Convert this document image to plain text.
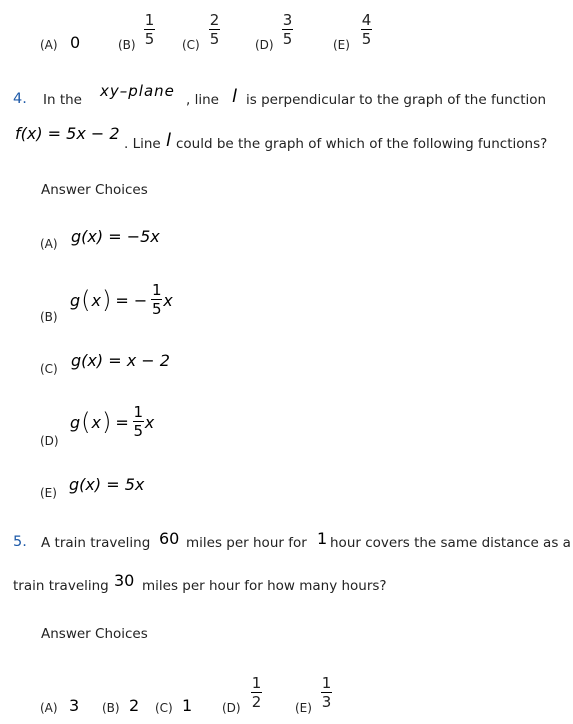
(A) 0	(B)
1
5 (C)
2
5	(D)
3
5	(E)
4
5
4. In the xy–plane , line l is perpendicular to the graph of the function
f(x) = 5x − 2
. Line l could be the graph of which of the following functions?
Answer Choices
(A) g(x) = −5x
(B)
g ( x ) = − $\frac{1}{5}$ x
(C) g(x) = x − 2
(D)
g ( x ) = $\frac{1}{5}$ x
(E) g(x) = 5x
5. A train traveling 60 miles per hour for 1 hour covers the same distance as a
train traveling 30 miles per hour for how many hours?
Answer Choices
(A) 3 (B) 2 (C) 1 (D)
1
2	(E)
1
3
